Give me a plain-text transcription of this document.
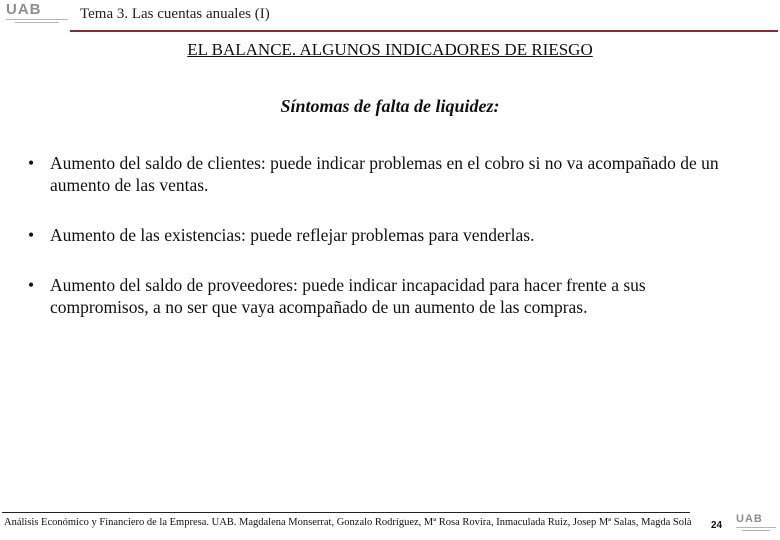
UAB	Tema 3. Las cuentas anuales (I)
EL BALANCE. ALGUNOS INDICADORES DE RIESGO
Síntomas de falta de liquidez:
• Aumento del saldo de clientes: puede indicar problemas en el cobro si no va acompañado de un aumento de las ventas.
• Aumento de las existencias: puede reflejar problemas para venderlas.
• Aumento del saldo de proveedores: puede indicar incapacidad para hacer frente a sus compromisos, a no ser que vaya acompañado de un aumento de las compras.
Análisis Económico y Financiero de la Empresa. UAB. Magdalena Monserrat, Gonzalo Rodríguez, Mª Rosa Rovira, Inmaculada Ruiz, Josep Mª Salas, Magda Solà 24
UAB
